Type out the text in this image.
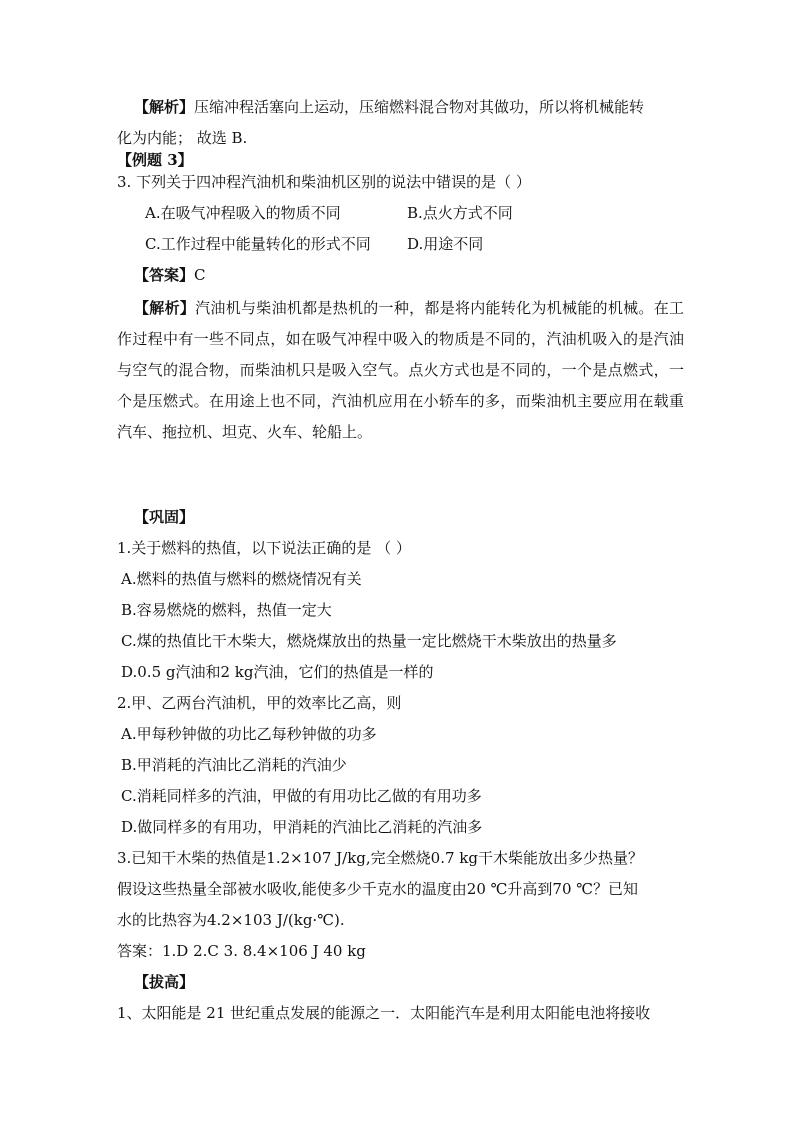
【解析】压缩冲程活塞向上运动，压缩燃料混合物对其做功，所以将机械能转
化为内能； 故选 B.
【例题 3】
3. 下列关于四冲程汽油机和柴油机区别的说法中错误的是（ ）
A.在吸气冲程吸入的物质不同	B.点火方式不同
C.工作过程中能量转化的形式不同	D.用途不同
【答案】C
【解析】汽油机与柴油机都是热机的一种，都是将内能转化为机械能的机械。在工作过程中有一些不同点，如在吸气冲程中吸入的物质是不同的，汽油机吸入的是汽油与空气的混合物，而柴油机只是吸入空气。点火方式也是不同的，一个是点燃式，一个是压燃式。在用途上也不同，汽油机应用在小轿车的多，而柴油机主要应用在载重汽车、拖拉机、坦克、火车、轮船上。
【巩固】
1.关于燃料的热值，以下说法正确的是 （ ）
A.燃料的热值与燃料的燃烧情况有关
B.容易燃烧的燃料，热值一定大
C.煤的热值比干木柴大，燃烧煤放出的热量一定比燃烧干木柴放出的热量多
D.0.5 g汽油和2 kg汽油，它们的热值是一样的
2.甲、乙两台汽油机，甲的效率比乙高，则
A.甲每秒钟做的功比乙每秒钟做的功多
B.甲消耗的汽油比乙消耗的汽油少
C.消耗同样多的汽油，甲做的有用功比乙做的有用功多
D.做同样多的有用功，甲消耗的汽油比乙消耗的汽油多
3.已知干木柴的热值是1.2×107 J/kg,完全燃烧0.7 kg干木柴能放出多少热量？
假设这些热量全部被水吸收,能使多少千克水的温度由20 ℃升高到70 ℃？已知
水的比热容为4.2×103 J/(kg·℃).
答案：1.D 2.C 3. 8.4×106 J 40 kg
【拔高】
1、太阳能是 21 世纪重点发展的能源之一．太阳能汽车是利用太阳能电池将接收
